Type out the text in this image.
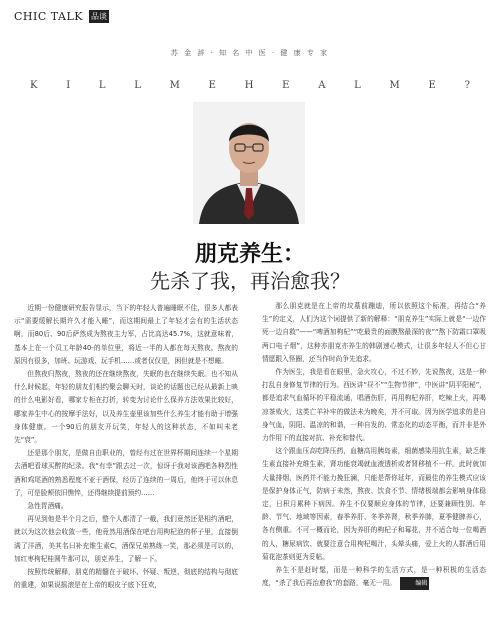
CHIC TALK 品谈
苏 金 辞 · 知 名 中 医 · 健 康 专 家
K	I	L	L	M	E	H	E	A	L	M	E	?
朋克养生：
先杀了我，再治愈我？

近期一份健康研究报告显示，当下的年轻人普遍睡眠不佳，很多人都表示“需要缓解长期许久才能入睡”，而这期间最上了年轻才会有的生活状态啊，而80后、90后萨然成为熬夜主力军，占比高达45.7%，这就意味着，基本上在一个员工年龄40-的单位里，将近一半的人都在每天熬夜。熬夜的原因有很多，加班、玩游戏、玩手机……或者仅仅是，困但就是不想睡。

但熬夜归熬夜，熬夜的还在继续熬夜，失眠的也在继续失眠。也不知从什么时候起，年轻的朋友们相约聚会聊天时，谈论的话题也已经从最新上映的什么电影好看，哪家专柜在打折，转变为讨论什么保养方法效果比较好，哪家养生中心的按摩手法好，以及养生壶里该加些什么养生才能有助于增强身体健康。一个90后的朋友开玩笑，年轻人的这种状态，不如叫未老先“衰”。

还是那个朋友，是做自由职业的，曾经有过在世界杯期间连续一个星期去酒吧看球买醉的纪录。我“有幸”跟去过一次，惊讶于我对该酒吧各种烈性酒和鸡尾酒的熟悉程度不亚于酒保，经历了连续的一周后，他终于可以休息了，可是脸颊依旧憔悴，还得继续提前预约……

急性胃酒痛。

再见到他是半个月之后，整个人都清了一截，我们竟然还是相约酒吧，就以为这次他会收敛一些，他竟然用酒保在吧台用枸杞泡的杯子里，直接倒满了洋酒，美其名曰补充维生素C，酒保兄弟熟练一笑，那必须是可以的，加红枣枸杞桂圆牛那可以，朋克养生，了解一下。

按照传统解释，朋克的精髓在于破坏、怀疑、叛逆、彻底的结构与彻底的重建，如果说摇滚是在上帝的眼皮子底下狂欢，

那么朋克就是在上帝的坟墓前蹦迪，所以依照这个标准，再结合“养生”的定义，人们为这个词提供了新的解释：“朋克养生”实际上就是“一边作死一边自救”——“啤酒加枸杞”“吃最贵的面膜熬最深的夜”“熬下防霜口罩吸两口电子烟”，这种亦朋克亦养生的韩剧速心模式，让很多年轻人不但心甘情愿跟入怪圈，还当作时尚争先追求。

作为医生，我是看在眼里，急火攻心，不过不妙，先说熬夜，这是一种打乱自身修复节律的行为。西医讲“昼不”“生物节律”，中医讲“阴平阳秘”，都是追求气血循环的平稳流通，唱酒伤肝，再用枸杞养肝，吃辣上火，再喝凉茶败火，这类亡羊补牢的做法未为晚矣，并不可取。因为医学追求的是自身气血，阴阳、温凉的和谐，一种自发的、常态化的动态平衡，而并非是外力作用下的直接对抗、补充和替代。

这个跟血压高吃降压药，血糖高用胰岛素，细菌感染用抗生素，缺乏维生素直接补充维生素，肾功能衰竭就血液透析或者肾移植不一样。此时就加大量排烟，医药并不能力挽狂澜，只能是帮你延年，而最佳的养生模式应该是保护身体正气，防病于未然，熬夜、饮食不节、情绪极端都会影响身体稳定，日积月累种下病因。养生不仅要顺应身体的节律，还要兼顾性别、年龄、节气、地域等因素，春季养肝、冬季养肾，秋季养肺，夏季健脾养心，各有侧重。不可一概而论，因为养肝的枸杞子和莓花，并不适合每一位喝酒的人，糖尿病饮、就要注意合用枸杞喝汁，头晕头痛，爱上火的人群酒后用菊花泡茶则更为妥帖。

养生不是赶时髦，而是一种科学的生活方式，是一种积极的生活态度，“杀了我后再治愈我”的套路，毫无一用。	编辑
